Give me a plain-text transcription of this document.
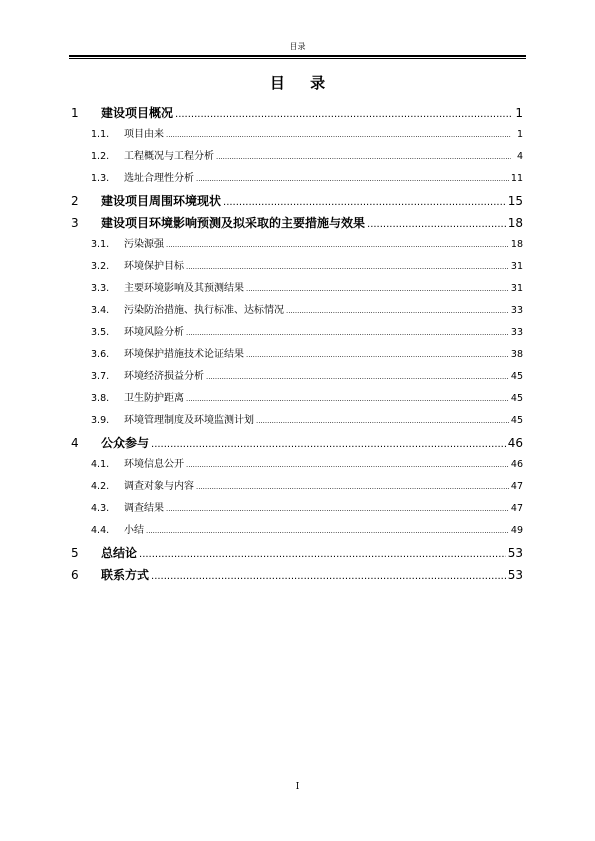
目录
目 录
1	建设项目概况 .....	1
1.1.	项目由来 .....	1
1.2.	工程概况与工程分析 .....	4
1.3.	选址合理性分析 .....	11
2	建设项目周围环境现状 .....	15
3	建设项目环境影响预测及拟采取的主要措施与效果 .....	18
3.1.	污染源强 .....	18
3.2.	环境保护目标 .....	31
3.3.	主要环境影响及其预测结果 .....	31
3.4.	污染防治措施、执行标准、达标情况 .....	33
3.5.	环境风险分析 .....	33
3.6.	环境保护措施技术论证结果 .....	38
3.7.	环境经济损益分析 .....	45
3.8.	卫生防护距离 .....	45
3.9.	环境管理制度及环境监测计划 .....	45
4	公众参与 .....	46
4.1.	环境信息公开 .....	46
4.2.	调查对象与内容 .....	47
4.3.	调查结果 .....	47
4.4.	小结 .....	49
5	总结论 .....	53
6	联系方式 .....	53
I
